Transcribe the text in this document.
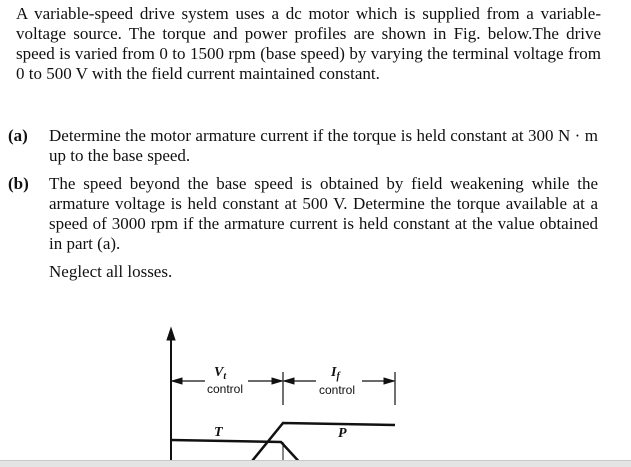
A variable-speed drive system uses a dc motor which is supplied from a variable-voltage source. The torque and power profiles are shown in Fig. below.The drive speed is varied from 0 to 1500 rpm (base speed) by varying the terminal voltage from 0 to 500 V with the field current maintained constant.
(a) Determine the motor armature current if the torque is held constant at 300 N · m up to the base speed.
(b) The speed beyond the base speed is obtained by field weakening while the armature voltage is held constant at 500 V. Determine the torque available at a speed of 3000 rpm if the armature current is held constant at the value obtained in part (a).
Neglect all losses.
$V_t$	$I_f$
T	P
control	control
